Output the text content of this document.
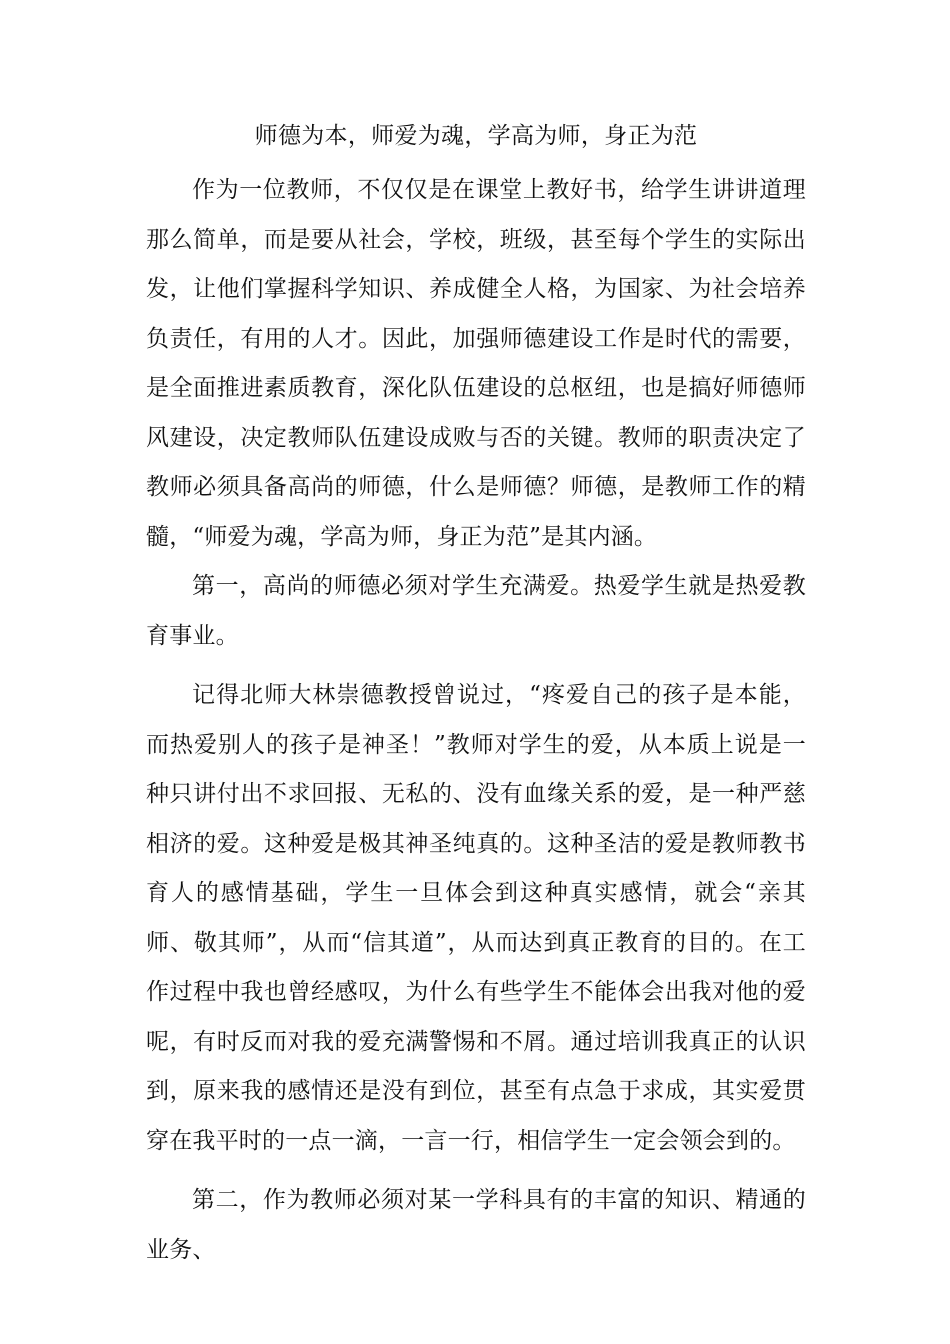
师德为本，师爱为魂，学高为师，身正为范

作为一位教师，不仅仅是在课堂上教好书，给学生讲讲道理那么简单，而是要从社会，学校，班级，甚至每个学生的实际出发，让他们掌握科学知识、养成健全人格，为国家、为社会培养负责任，有用的人才。因此，加强师德建设工作是时代的需要，是全面推进素质教育，深化队伍建设的总枢纽，也是搞好师德师风建设，决定教师队伍建设成败与否的关键。教师的职责决定了教师必须具备高尚的师德，什么是师德？师德，是教师工作的精髓，“师爱为魂，学高为师，身正为范”是其内涵。

第一，高尚的师德必须对学生充满爱。热爱学生就是热爱教育事业。

记得北师大林崇德教授曾说过，“疼爱自己的孩子是本能，而热爱别人的孩子是神圣！”教师对学生的爱，从本质上说是一种只讲付出不求回报、无私的、没有血缘关系的爱，是一种严慈相济的爱。这种爱是极其神圣纯真的。这种圣洁的爱是教师教书育人的感情基础，学生一旦体会到这种真实感情，就会“亲其师、敬其师”，从而“信其道”，从而达到真正教育的目的。在工作过程中我也曾经感叹，为什么有些学生不能体会出我对他的爱呢，有时反而对我的爱充满警惕和不屑。通过培训我真正的认识到，原来我的感情还是没有到位，甚至有点急于求成，其实爱贯穿在我平时的一点一滴，一言一行，相信学生一定会领会到的。

第二，作为教师必须对某一学科具有的丰富的知识、精通的业务、
